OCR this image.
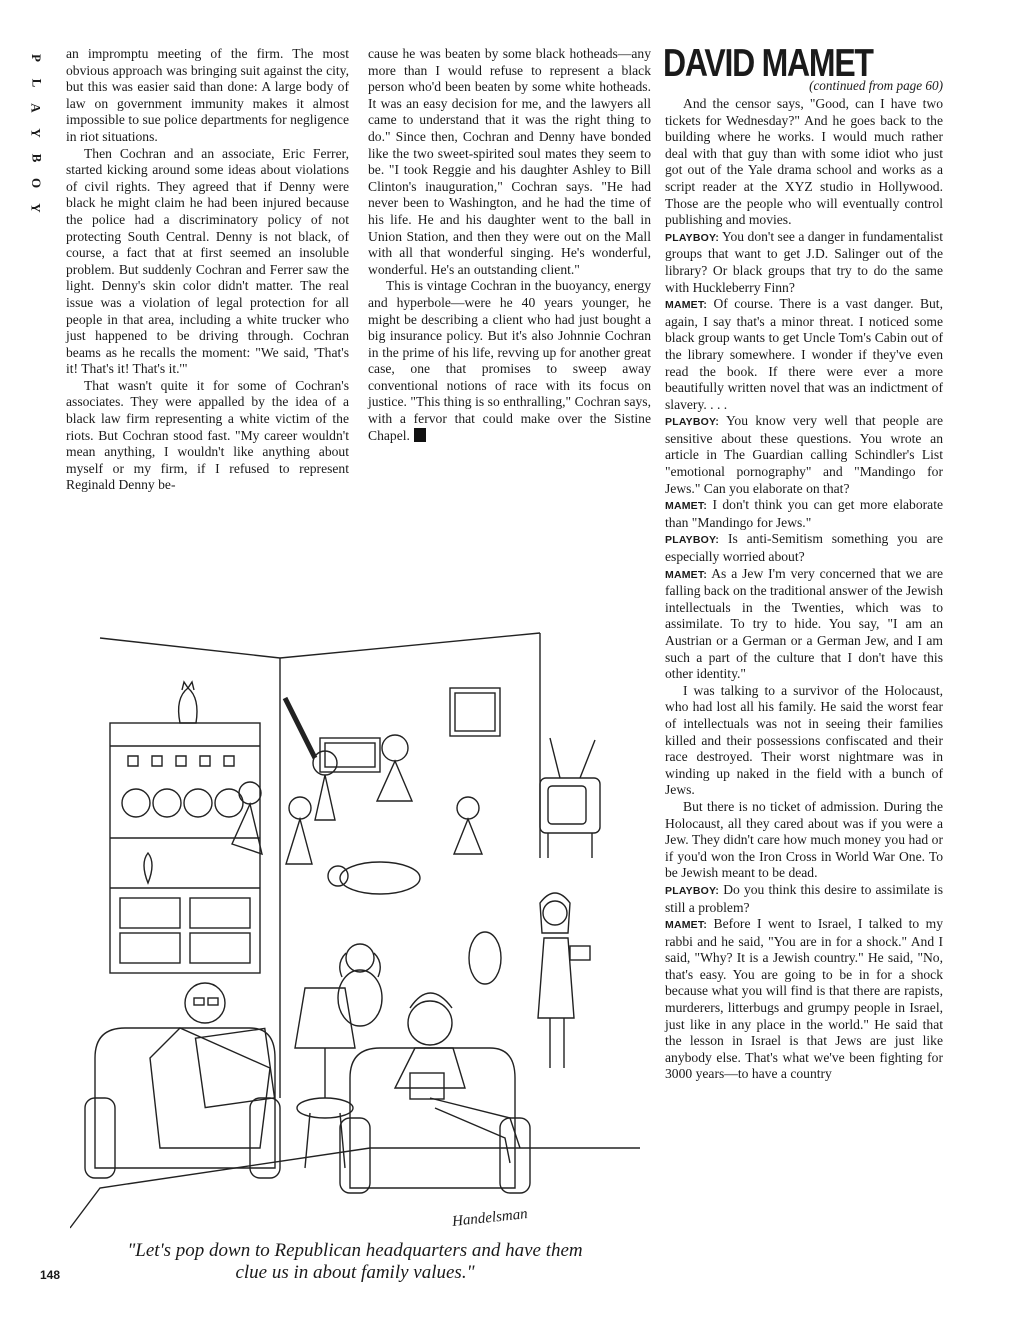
P
L
A
Y
B
O
Y

an impromptu meeting of the firm. The most obvious approach was bringing suit against the city, but this was easier said than done: A large body of law on government immunity makes it almost impossible to sue police departments for negligence in riot situations.

Then Cochran and an associate, Eric Ferrer, started kicking around some ideas about violations of civil rights. They agreed that if Denny were black he might claim he had been injured because the police had a discriminatory policy of not protecting South Central. Denny is not black, of course, a fact that at first seemed an insoluble problem. But suddenly Cochran and Ferrer saw the light. Denny's skin color didn't matter. The real issue was a violation of legal protection for all people in that area, including a white trucker who just happened to be driving through. Cochran beams as he recalls the moment: "We said, 'That's it! That's it! That's it.'"

That wasn't quite it for some of Cochran's associates. They were appalled by the idea of a black law firm representing a white victim of the riots. But Cochran stood fast. "My career wouldn't mean anything, I wouldn't like anything about myself or my firm, if I refused to represent Reginald Denny be-

cause he was beaten by some black hotheads—any more than I would refuse to represent a black person who'd been beaten by some white hotheads. It was an easy decision for me, and the lawyers all came to understand that it was the right thing to do." Since then, Cochran and Denny have bonded like the two sweet-spirited soul mates they seem to be. "I took Reggie and his daughter Ashley to Bill Clinton's inauguration," Cochran says. "He had never been to Washington, and he had the time of his life. He and his daughter went to the ball in Union Station, and then they were out on the Mall with all that wonderful singing. He's wonderful, wonderful. He's an outstanding client."

This is vintage Cochran in the buoyancy, energy and hyperbole—were he 40 years younger, he might be describing a client who had just bought a big insurance policy. But it's also Johnnie Cochran in the prime of his life, revving up for another great case, one that promises to sweep away conventional notions of race with its focus on justice. "This thing is so enthralling," Cochran says, with a fervor that could make over the Sistine Chapel.

DAVID MAMET
(continued from page 60)

And the censor says, "Good, can I have two tickets for Wednesday?" And he goes back to the building where he works. I would much rather deal with that guy than with some idiot who just got out of the Yale drama school and works as a script reader at the XYZ studio in Hollywood. Those are the people who will eventually control publishing and movies.

PLAYBOY: You don't see a danger in fundamentalist groups that want to get J.D. Salinger out of the library? Or black groups that try to do the same with Huckleberry Finn?

MAMET: Of course. There is a vast danger. But, again, I say that's a minor threat. I noticed some black group wants to get Uncle Tom's Cabin out of the library somewhere. I wonder if they've even read the book. If there were ever a more beautifully written novel that was an indictment of slavery. . . .

PLAYBOY: You know very well that people are sensitive about these questions. You wrote an article in The Guardian calling Schindler's List "emotional pornography" and "Mandingo for Jews." Can you elaborate on that?

MAMET: I don't think you can get more elaborate than "Mandingo for Jews."

PLAYBOY: Is anti-Semitism something you are especially worried about?

MAMET: As a Jew I'm very concerned that we are falling back on the traditional answer of the Jewish intellectuals in the Twenties, which was to assimilate. To try to hide. You say, "I am an Austrian or a German or a German Jew, and I am such a part of the culture that I don't have this other identity."

I was talking to a survivor of the Holocaust, who had lost all his family. He said the worst fear of intellectuals was not in seeing their families killed and their possessions confiscated and their race destroyed. Their worst nightmare was in winding up naked in the field with a bunch of Jews.

But there is no ticket of admission. During the Holocaust, all they cared about was if you were a Jew. They didn't care how much money you had or if you'd won the Iron Cross in World War One. To be Jewish meant to be dead.

PLAYBOY: Do you think this desire to assimilate is still a problem?

MAMET: Before I went to Israel, I talked to my rabbi and he said, "You are in for a shock." And I said, "Why? It is a Jewish country." He said, "No, that's easy. You are going to be in for a shock because what you will find is that there are rapists, murderers, litterbugs and grumpy people in Israel, just like in any place in the world." He said that the lesson in Israel is that Jews are just like anybody else. That's what we've been fighting for 3000 years—to have a country

Handelsman
"Let's pop down to Republican headquarters and have them
clue us in about family values."
148
